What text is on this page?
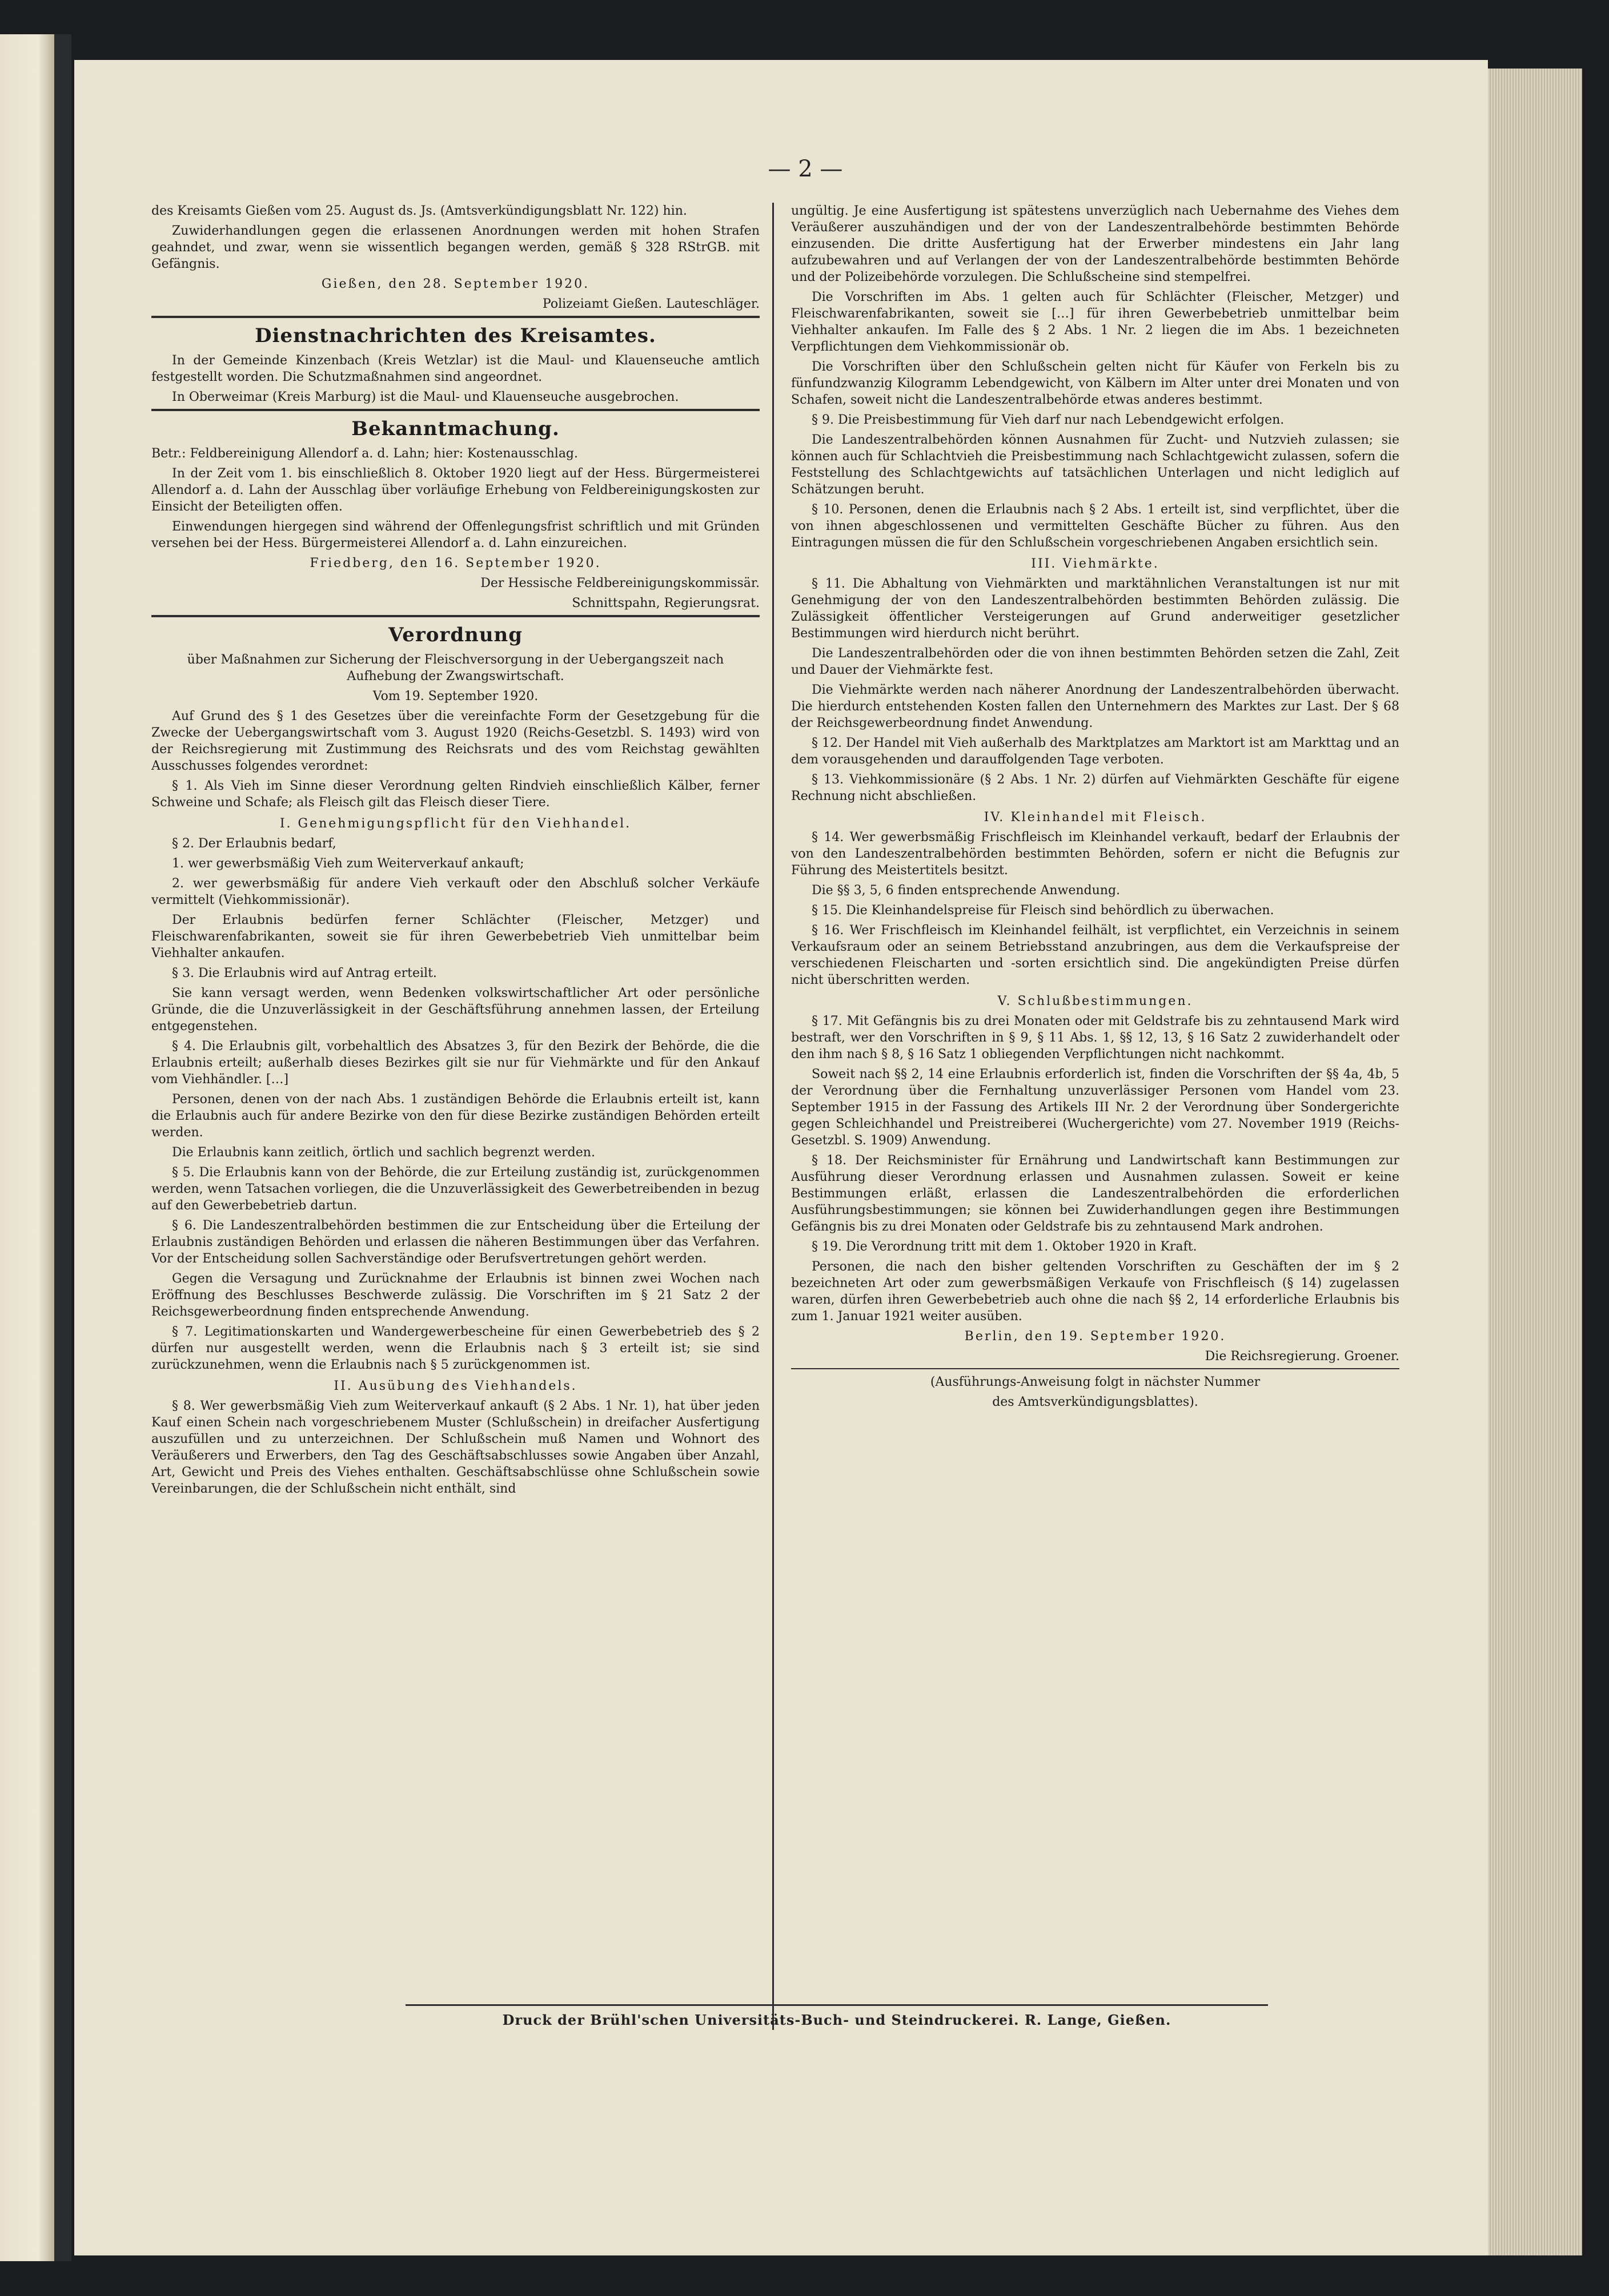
— 2 —

des Kreisamts Gießen vom 25. August ds. Js. (Amtsverkündigungsblatt Nr. 122) hin.

Zuwiderhandlungen gegen die erlassenen Anordnungen werden mit hohen Strafen geahndet, und zwar, wenn sie wissentlich begangen werden, gemäß § 328 RStrGB. mit Gefängnis.

Gießen, den 28. September 1920.

Polizeiamt Gießen. Lauteschläger.

Dienstnachrichten des Kreisamtes.

In der Gemeinde Kinzenbach (Kreis Wetzlar) ist die Maul- und Klauenseuche amtlich festgestellt worden. Die Schutzmaßnahmen sind angeordnet.

In Oberweimar (Kreis Marburg) ist die Maul- und Klauenseuche ausgebrochen.

Bekanntmachung.

Betr.: Feldbereinigung Allendorf a. d. Lahn; hier: Kostenausschlag.

In der Zeit vom 1. bis einschließlich 8. Oktober 1920 liegt auf der Hess. Bürgermeisterei Allendorf a. d. Lahn der Ausschlag über vorläufige Erhebung von Feldbereinigungskosten zur Einsicht der Beteiligten offen.

Einwendungen hiergegen sind während der Offenlegungsfrist schriftlich und mit Gründen versehen bei der Hess. Bürgermeisterei Allendorf a. d. Lahn einzureichen.

Friedberg, den 16. September 1920.

Der Hessische Feldbereinigungskommissär.

Schnittspahn, Regierungsrat.

Verordnung

über Maßnahmen zur Sicherung der Fleischversorgung in der Uebergangszeit nach Aufhebung der Zwangswirtschaft.

Vom 19. September 1920.

Auf Grund des § 1 des Gesetzes über die vereinfachte Form der Gesetzgebung für die Zwecke der Uebergangswirtschaft vom 3. August 1920 (Reichs-Gesetzbl. S. 1493) wird von der Reichsregierung mit Zustimmung des Reichsrats und des vom Reichstag gewählten Ausschusses folgendes verordnet:

§ 1. Als Vieh im Sinne dieser Verordnung gelten Rindvieh einschließlich Kälber, ferner Schweine und Schafe; als Fleisch gilt das Fleisch dieser Tiere.

I. Genehmigungspflicht für den Viehhandel.

§ 2. Der Erlaubnis bedarf,

1. wer gewerbsmäßig Vieh zum Weiterverkauf ankauft;

2. wer gewerbsmäßig für andere Vieh verkauft oder den Abschluß solcher Verkäufe vermittelt (Viehkommissionär).

Der Erlaubnis bedürfen ferner Schlächter (Fleischer, Metzger) und Fleischwarenfabrikanten, soweit sie für ihren Gewerbebetrieb Vieh unmittelbar beim Viehhalter ankaufen.

§ 3. Die Erlaubnis wird auf Antrag erteilt.

Sie kann versagt werden, wenn Bedenken volkswirtschaftlicher Art oder persönliche Gründe, die die Unzuverlässigkeit in der Geschäftsführung annehmen lassen, der Erteilung entgegenstehen.

§ 4. Die Erlaubnis gilt, vorbehaltlich des Absatzes 3, für den Bezirk der Behörde, die die Erlaubnis erteilt; außerhalb dieses Bezirkes gilt sie nur für Viehmärkte und für den Ankauf vom Viehhändler. […]

Personen, denen von der nach Abs. 1 zuständigen Behörde die Erlaubnis erteilt ist, kann die Erlaubnis auch für andere Bezirke von den für diese Bezirke zuständigen Behörden erteilt werden.

Die Erlaubnis kann zeitlich, örtlich und sachlich begrenzt werden.

§ 5. Die Erlaubnis kann von der Behörde, die zur Erteilung zuständig ist, zurückgenommen werden, wenn Tatsachen vorliegen, die die Unzuverlässigkeit des Gewerbetreibenden in bezug auf den Gewerbebetrieb dartun.

§ 6. Die Landeszentralbehörden bestimmen die zur Entscheidung über die Erteilung der Erlaubnis zuständigen Behörden und erlassen die näheren Bestimmungen über das Verfahren. Vor der Entscheidung sollen Sachverständige oder Berufsvertretungen gehört werden.

Gegen die Versagung und Zurücknahme der Erlaubnis ist binnen zwei Wochen nach Eröffnung des Beschlusses Beschwerde zulässig. Die Vorschriften im § 21 Satz 2 der Reichsgewerbeordnung finden entsprechende Anwendung.

§ 7. Legitimationskarten und Wandergewerbescheine für einen Gewerbebetrieb des § 2 dürfen nur ausgestellt werden, wenn die Erlaubnis nach § 3 erteilt ist; sie sind zurückzunehmen, wenn die Erlaubnis nach § 5 zurückgenommen ist.

II. Ausübung des Viehhandels.

§ 8. Wer gewerbsmäßig Vieh zum Weiterverkauf ankauft (§ 2 Abs. 1 Nr. 1), hat über jeden Kauf einen Schein nach vorgeschriebenem Muster (Schlußschein) in dreifacher Ausfertigung auszufüllen und zu unterzeichnen. Der Schlußschein muß Namen und Wohnort des Veräußerers und Erwerbers, den Tag des Geschäftsabschlusses sowie Angaben über Anzahl, Art, Gewicht und Preis des Viehes enthalten. Geschäftsabschlüsse ohne Schlußschein sowie Vereinbarungen, die der Schlußschein nicht enthält, sind

ungültig. Je eine Ausfertigung ist spätestens unverzüglich nach Uebernahme des Viehes dem Veräußerer auszuhändigen und der von der Landeszentralbehörde bestimmten Behörde einzusenden. Die dritte Ausfertigung hat der Erwerber mindestens ein Jahr lang aufzubewahren und auf Verlangen der von der Landeszentralbehörde bestimmten Behörde und der Polizeibehörde vorzulegen. Die Schlußscheine sind stempelfrei.

Die Vorschriften im Abs. 1 gelten auch für Schlächter (Fleischer, Metzger) und Fleischwarenfabrikanten, soweit sie […] für ihren Gewerbebetrieb unmittelbar beim Viehhalter ankaufen. Im Falle des § 2 Abs. 1 Nr. 2 liegen die im Abs. 1 bezeichneten Verpflichtungen dem Viehkommissionär ob.

Die Vorschriften über den Schlußschein gelten nicht für Käufer von Ferkeln bis zu fünfundzwanzig Kilogramm Lebendgewicht, von Kälbern im Alter unter drei Monaten und von Schafen, soweit nicht die Landeszentralbehörde etwas anderes bestimmt.

§ 9. Die Preisbestimmung für Vieh darf nur nach Lebendgewicht erfolgen.

Die Landeszentralbehörden können Ausnahmen für Zucht- und Nutzvieh zulassen; sie können auch für Schlachtvieh die Preisbestimmung nach Schlachtgewicht zulassen, sofern die Feststellung des Schlachtgewichts auf tatsächlichen Unterlagen und nicht lediglich auf Schätzungen beruht.

§ 10. Personen, denen die Erlaubnis nach § 2 Abs. 1 erteilt ist, sind verpflichtet, über die von ihnen abgeschlossenen und vermittelten Geschäfte Bücher zu führen. Aus den Eintragungen müssen die für den Schlußschein vorgeschriebenen Angaben ersichtlich sein.

III. Viehmärkte.

§ 11. Die Abhaltung von Viehmärkten und marktähnlichen Veranstaltungen ist nur mit Genehmigung der von den Landeszentralbehörden bestimmten Behörden zulässig. Die Zulässigkeit öffentlicher Versteigerungen auf Grund anderweitiger gesetzlicher Bestimmungen wird hierdurch nicht berührt.

Die Landeszentralbehörden oder die von ihnen bestimmten Behörden setzen die Zahl, Zeit und Dauer der Viehmärkte fest.

Die Viehmärkte werden nach näherer Anordnung der Landeszentralbehörden überwacht. Die hierdurch entstehenden Kosten fallen den Unternehmern des Marktes zur Last. Der § 68 der Reichsgewerbeordnung findet Anwendung.

§ 12. Der Handel mit Vieh außerhalb des Marktplatzes am Marktort ist am Markttag und an dem vorausgehenden und darauffolgenden Tage verboten.

§ 13. Viehkommissionäre (§ 2 Abs. 1 Nr. 2) dürfen auf Viehmärkten Geschäfte für eigene Rechnung nicht abschließen.

IV. Kleinhandel mit Fleisch.

§ 14. Wer gewerbsmäßig Frischfleisch im Kleinhandel verkauft, bedarf der Erlaubnis der von den Landeszentralbehörden bestimmten Behörden, sofern er nicht die Befugnis zur Führung des Meistertitels besitzt.

Die §§ 3, 5, 6 finden entsprechende Anwendung.

§ 15. Die Kleinhandelspreise für Fleisch sind behördlich zu überwachen.

§ 16. Wer Frischfleisch im Kleinhandel feilhält, ist verpflichtet, ein Verzeichnis in seinem Verkaufsraum oder an seinem Betriebsstand anzubringen, aus dem die Verkaufspreise der verschiedenen Fleischarten und -sorten ersichtlich sind. Die angekündigten Preise dürfen nicht überschritten werden.

V. Schlußbestimmungen.

§ 17. Mit Gefängnis bis zu drei Monaten oder mit Geldstrafe bis zu zehntausend Mark wird bestraft, wer den Vorschriften in § 9, § 11 Abs. 1, §§ 12, 13, § 16 Satz 2 zuwiderhandelt oder den ihm nach § 8, § 16 Satz 1 obliegenden Verpflichtungen nicht nachkommt.

Soweit nach §§ 2, 14 eine Erlaubnis erforderlich ist, finden die Vorschriften der §§ 4a, 4b, 5 der Verordnung über die Fernhaltung unzuverlässiger Personen vom Handel vom 23. September 1915 in der Fassung des Artikels III Nr. 2 der Verordnung über Sondergerichte gegen Schleichhandel und Preistreiberei (Wuchergerichte) vom 27. November 1919 (Reichs-Gesetzbl. S. 1909) Anwendung.

§ 18. Der Reichsminister für Ernährung und Landwirtschaft kann Bestimmungen zur Ausführung dieser Verordnung erlassen und Ausnahmen zulassen. Soweit er keine Bestimmungen erläßt, erlassen die Landeszentralbehörden die erforderlichen Ausführungsbestimmungen; sie können bei Zuwiderhandlungen gegen ihre Bestimmungen Gefängnis bis zu drei Monaten oder Geldstrafe bis zu zehntausend Mark androhen.

§ 19. Die Verordnung tritt mit dem 1. Oktober 1920 in Kraft.

Personen, die nach den bisher geltenden Vorschriften zu Geschäften der im § 2 bezeichneten Art oder zum gewerbsmäßigen Verkaufe von Frischfleisch (§ 14) zugelassen waren, dürfen ihren Gewerbebetrieb auch ohne die nach §§ 2, 14 erforderliche Erlaubnis bis zum 1. Januar 1921 weiter ausüben.

Berlin, den 19. September 1920.

Die Reichsregierung. Groener.

(Ausführungs-Anweisung folgt in nächster Nummer

des Amtsverkündigungsblattes).

Druck der Brühl'schen Universitäts-Buch- und Steindruckerei. R. Lange, Gießen.
